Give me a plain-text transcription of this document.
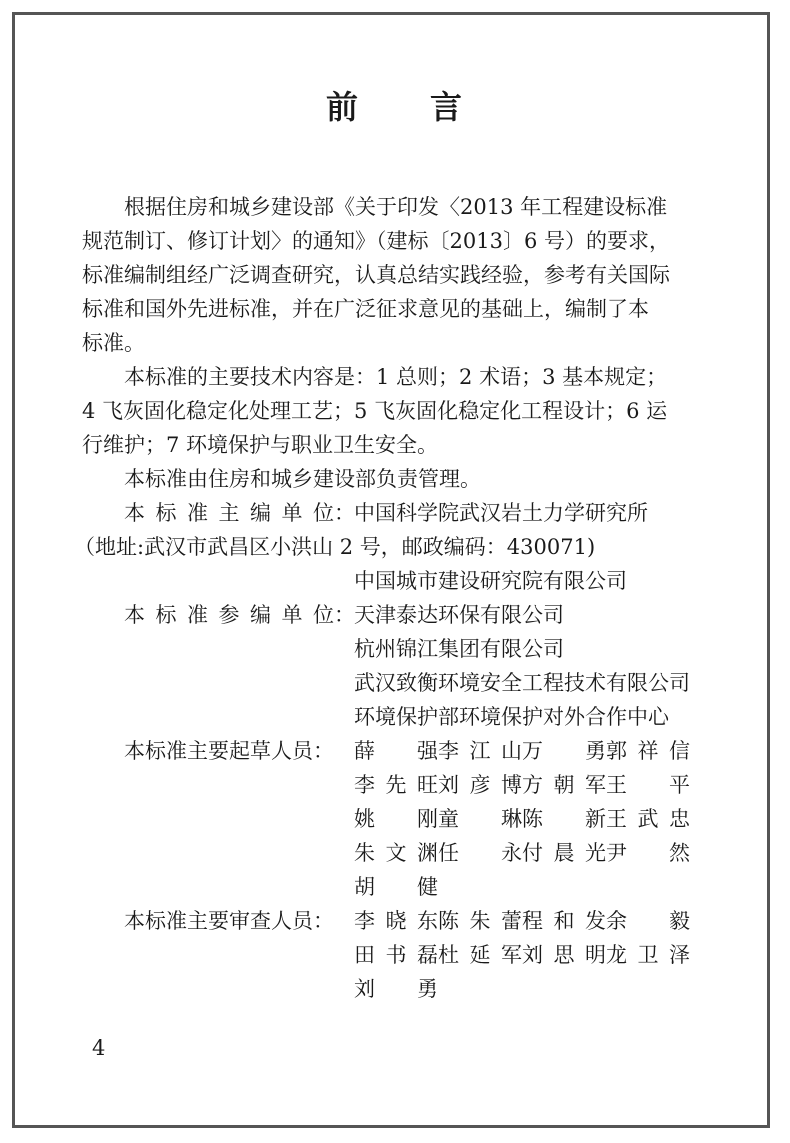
前 言
根据住房和城乡建设部《关于印发〈2013 年工程建设标准
规范制订、修订计划〉的通知》（建标〔2013〕6 号）的要求，
标准编制组经广泛调查研究，认真总结实践经验，参考有关国际
标准和国外先进标准，并在广泛征求意见的基础上，编制了本
标准。
本标准的主要技术内容是：1 总则；2 术语；3 基本规定；
4 飞灰固化稳定化处理工艺；5 飞灰固化稳定化工程设计；6 运
行维护；7 环境保护与职业卫生安全。
本标准由住房和城乡建设部负责管理。
本 标 准 主 编 单 位 ： 中国科学院武汉岩土力学研究所
（地址:武汉市武昌区小洪山 2 号，邮政编码：430071)
中国城市建设研究院有限公司
本 标 准 参 编 单 位 ： 天津泰达环保有限公司
杭州锦江集团有限公司
武汉致衡环境安全工程技术有限公司
环境保护部环境保护对外合作中心
本标准主要起草人员： 薛强 李江山 万勇 郭祥信
李先旺 刘彦博 方朝军 王平
姚刚 童琳 陈新 王武忠
朱文渊 任永 付晨光 尹然
胡健
本标准主要审查人员： 李晓东 陈朱蕾 程和发 余毅
田书磊 杜延军 刘思明 龙卫泽
刘勇
4
